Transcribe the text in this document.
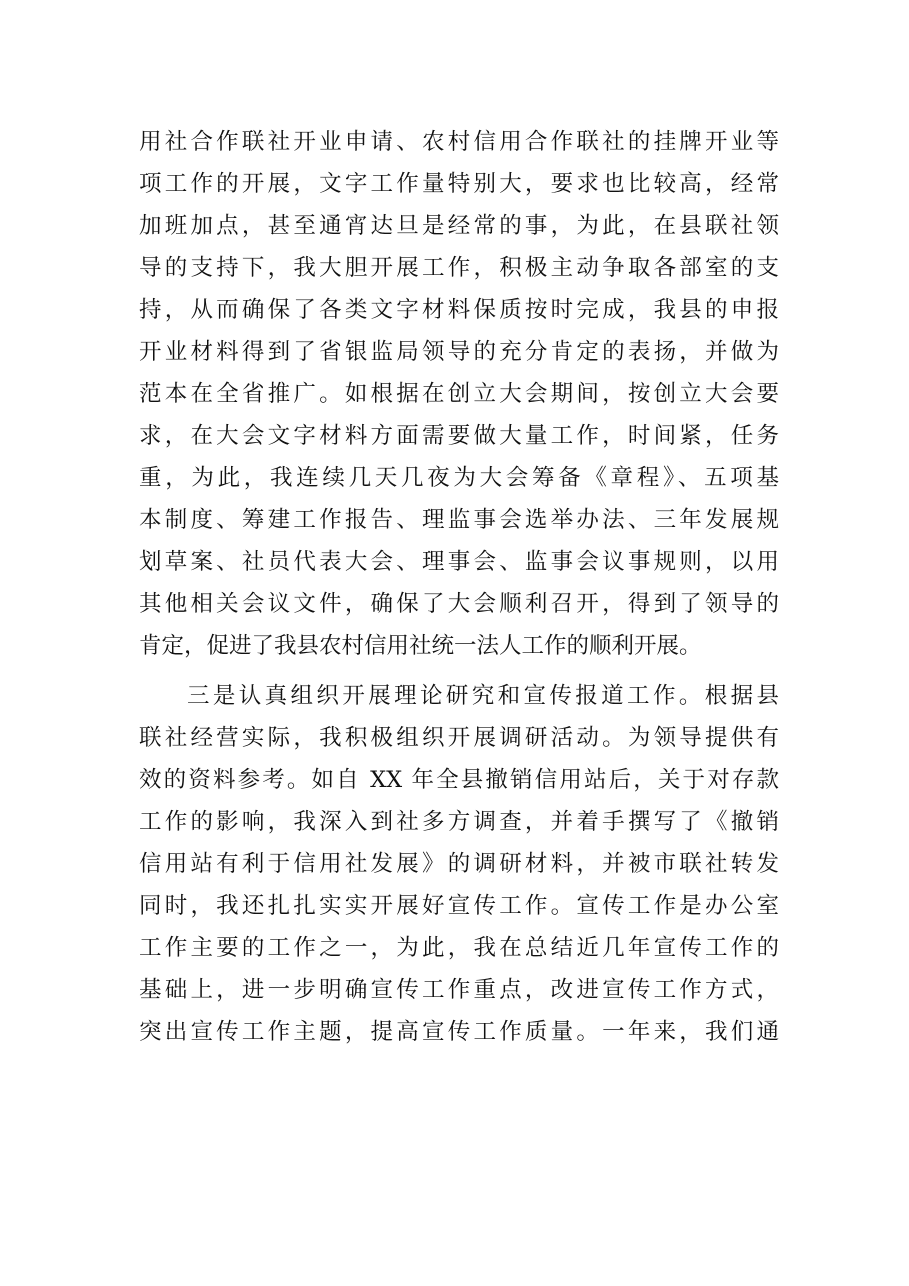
用社合作联社开业申请、农村信用合作联社的挂牌开业等
项工作的开展，文字工作量特别大，要求也比较高，经常
加班加点，甚至通宵达旦是经常的事，为此，在县联社领
导的支持下，我大胆开展工作，积极主动争取各部室的支
持，从而确保了各类文字材料保质按时完成，我县的申报
开业材料得到了省银监局领导的充分肯定的表扬，并做为
范本在全省推广。如根据在创立大会期间，按创立大会要
求，在大会文字材料方面需要做大量工作，时间紧，任务
重，为此，我连续几天几夜为大会筹备《章程》、五项基
本制度、筹建工作报告、理监事会选举办法、三年发展规
划草案、社员代表大会、理事会、监事会议事规则，以用
其他相关会议文件，确保了大会顺利召开，得到了领导的
肯定，促进了我县农村信用社统一法人工作的顺利开展。
三是认真组织开展理论研究和宣传报道工作。根据县
联社经营实际，我积极组织开展调研活动。为领导提供有
效的资料参考。如自 XX 年全县撤销信用站后，关于对存款
工作的影响，我深入到社多方调查，并着手撰写了《撤销
信用站有利于信用社发展》的调研材料，并被市联社转发
同时，我还扎扎实实开展好宣传工作。宣传工作是办公室
工作主要的工作之一，为此，我在总结近几年宣传工作的
基础上，进一步明确宣传工作重点，改进宣传工作方式，
突出宣传工作主题，提高宣传工作质量。一年来，我们通
